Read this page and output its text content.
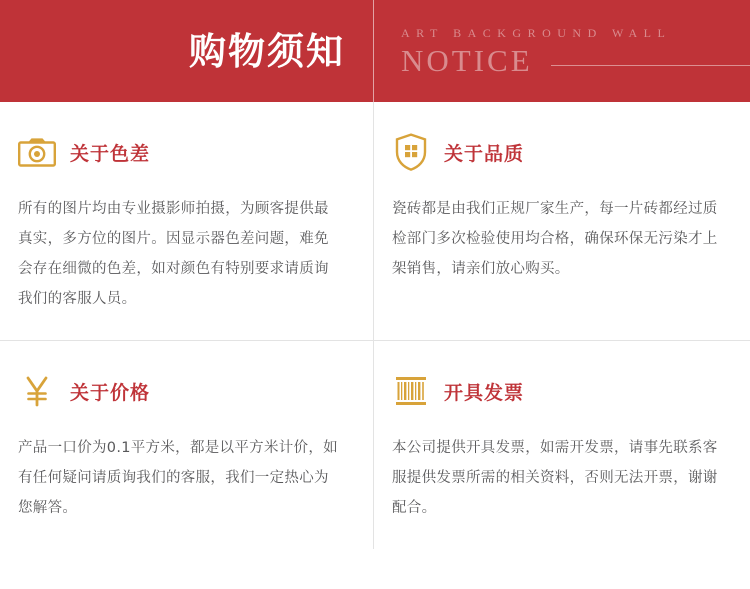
购物须知	ART BACKGROUND WALL
NOTICE
关于色差
所有的图片均由专业摄影师拍摄，为顾客提供最真实，多方位的图片。因显示器色差问题，难免会存在细微的色差，如对颜色有特别要求请质询我们的客服人员。
关于品质
瓷砖都是由我们正规厂家生产，每一片砖都经过质检部门多次检验使用均合格，确保环保无污染才上架销售，请亲们放心购买。
关于价格
产品一口价为0.1平方米，都是以平方米计价，如有任何疑问请质询我们的客服，我们一定热心为您解答。
开具发票
本公司提供开具发票，如需开发票，请事先联系客服提供发票所需的相关资料，否则无法开票，谢谢配合。
